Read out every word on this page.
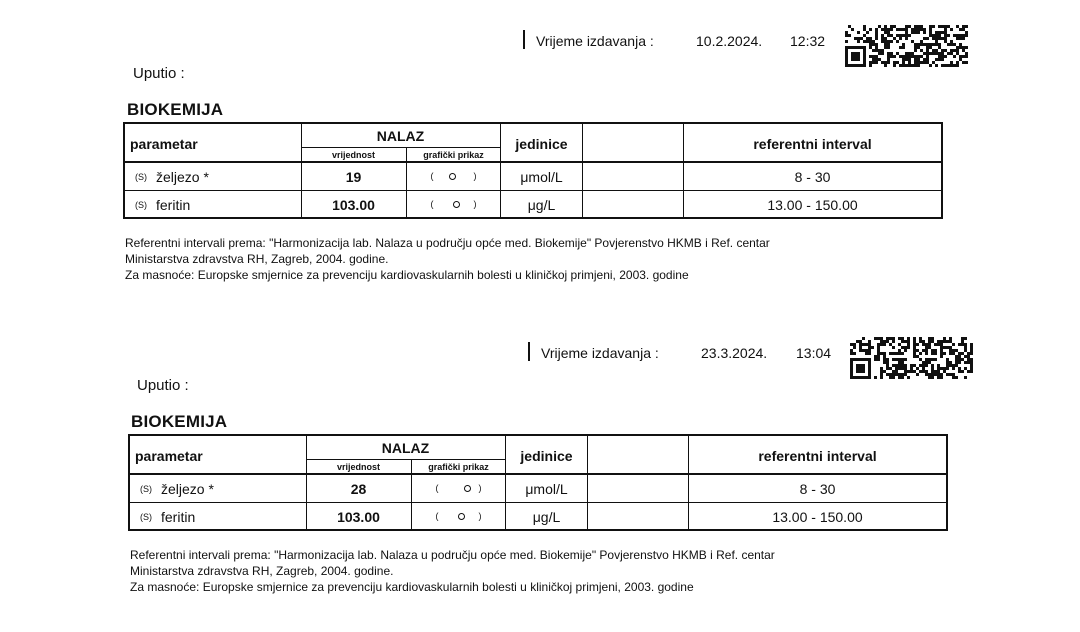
Vrijeme izdavanja :	10.2.2024. 12:32
Uputio :
BIOKEMIJA
parametar	NALAZ
vrijednost	grafički prikaz
jedinice	referentni interval
(S) željezo *	19	(	)	μmol/L	8 - 30
(S) feritin	103.00	(	)	μg/L	13.00 - 150.00
Referentni intervali prema: "Harmonizacija lab. Nalaza u području opće med. Biokemije" Povjerenstvo HKMB i Ref. centar
Ministarstva zdravstva RH, Zagreb, 2004. godine.
Za masnoće: Europske smjernice za prevenciju kardiovaskularnih bolesti u kliničkoj primjeni, 2003. godine
Vrijeme izdavanja :	23.3.2024. 13:04
Uputio :
BIOKEMIJA
parametar	NALAZ
vrijednost	grafički prikaz
jedinice	referentni interval
(S) željezo *	28	(	)	μmol/L	8 - 30
(S) feritin	103.00	(	)	μg/L	13.00 - 150.00
Referentni intervali prema: "Harmonizacija lab. Nalaza u području opće med. Biokemije" Povjerenstvo HKMB i Ref. centar
Ministarstva zdravstva RH, Zagreb, 2004. godine.
Za masnoće: Europske smjernice za prevenciju kardiovaskularnih bolesti u kliničkoj primjeni, 2003. godine
